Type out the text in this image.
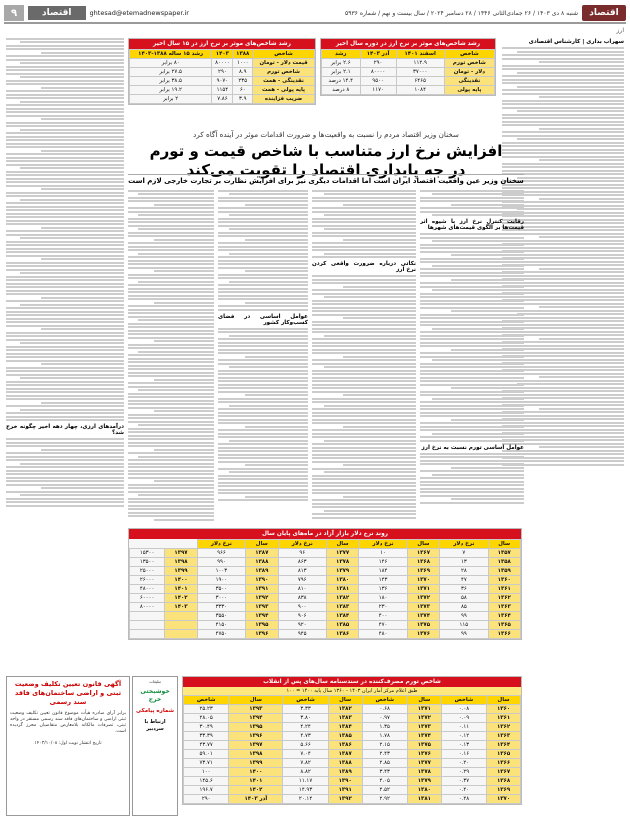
اقتصاد
شنبه ۸ دی ۱۴۰۳ / ۲۶ جمادی‌الثانی ۱۴۴۶ / ۲۸ دسامبر ۲۰۲۴ / سال بیست و نهم / شماره ۵۹۳۶
ghtesad@etemadnewspaper.ir
اقتصاد
۹
ارز
سهراب بداری | کارشناس اقتصادی
درآمدهای ارزی، چهار دهه اخیر چگونه خرج شد؟
رشد شاخص‌های موثر بر نرخ ارز در دوره سال اخیر
شاخص	اسفند ۱۴۰۱	آذر ۱۴۰۳	رشد
شاخص تورم	۱۱۲.۹	۲۹۰	۲.۶ برابر
دلار - تومان	۳۷۰۰۰	۸۰۰۰۰	۲.۱ برابر
نقدینگی	۶۴۶۵	۹۵۰۰	۱۴.۴ درصد
پایه پولی	۱۰۸۴	۱۱۷۰	۸ درصد
رشد شاخص‌های موثر بر نرخ ارز در ۱۵ سال اخیر
شاخص	۱۳۸۸	۱۴۰۳	رشد ۱۵ ساله ۱۳۸۸-۱۴۰۳
قیمت دلار - تومان	۱۰۰۰	۸۰۰۰۰	۸۰ برابر
شاخص تورم	۸.۹	۲۹۰	۲۷.۵ برابر
نقدینگی - همت	۲۳۵	۹۰۷۰	۳۸.۵ برابر
پایه پولی - همت	۶۰	۱۱۵۴	۱۹.۲ برابر
ضریب فزاینده	۳.۹	۷.۸۶	۲ برابر
سخنان وزیر اقتصاد مردم را نسبت به واقعیت‌ها و ضرورت اقدامات موثر در آینده آگاه کرد
افزایش نرخ ارز متناسب با شاخص قیمت و تورم
در جه پایداری اقتصاد را تقویت می‌کند
سخنان وزیر عین واقعیت اقتصاد ایران است اما اقدامات دیگری نیز برای افزایش نظارت بر تجارت خارجی لازم است
رقابت کنترل نرخ ارز با شیوه اثر قیمت‌ها بر الگوی قیمت‌های شهرها
عوامل اساسی تورم نسبت به نرخ ارز
نکاتی درباره ضرورت واقعی کردن نرخ ارز
عوامل اساسی در فضای کسب‌وکار کشور
روند نرخ دلار بازار آزاد در ماه‌های پایان سال
سال	نرخ دلار	سال	نرخ دلار	سال	نرخ دلار	سال	نرخ دلار		
۱۳۵۷	۷	۱۳۶۷	۱۰	۱۳۷۷	۹۶	۱۳۸۷	۹۶۶	۱۳۹۷	۱۵۳۰۰
۱۳۵۸	۱۳	۱۳۶۸	۱۴۶	۱۳۷۸	۸۶۳	۱۳۸۸	۹۹۰	۱۳۹۸	۱۳۵۰۰
۱۳۵۹	۲۸	۱۳۶۹	۱۸۴	۱۳۷۹	۸۱۳	۱۳۸۹	۱۰۰۳	۱۳۹۹	۲۵۰۰۰
۱۳۶۰	۴۷	۱۳۷۰	۱۴۳	۱۳۸۰	۷۹۶	۱۳۹۰	۱۹۰۰	۱۴۰۰	۲۶۰۰۰
۱۳۶۱	۳۶	۱۳۷۱	۱۳۶	۱۳۸۱	۸۱۰	۱۳۹۱	۳۵۰۰	۱۴۰۱	۴۸۰۰۰
۱۳۶۲	۵۸	۱۳۷۲	۱۸۰	۱۳۸۲	۸۳۸	۱۳۹۲	۳۰۰۰	۱۴۰۲	۶۰۰۰۰
۱۳۶۳	۸۵	۱۳۷۳	۲۳۰	۱۳۸۳	۹۰۰	۱۳۹۳	۳۳۳۰	۱۴۰۳	۸۰۰۰۰
۱۳۶۴	۹۹	۱۳۷۴	۴۰۰	۱۳۸۴	۹۰۶	۱۳۹۴	۳۵۵۰		
۱۳۶۵	۱۱۵	۱۳۷۵	۴۷۰	۱۳۸۵	۹۲۰	۱۳۹۵	۴۱۵۰		
۱۳۶۶	۹۹	۱۳۷۶	۴۸۰	۱۳۸۶	۹۴۵	۱۳۹۶	۴۷۵۰		
شاخص تورم مصرف‌کننده در سندسنامه سال‌های پس از انقلاب
طبق اعلام مرکز آمار ایران ۱۴۰۳ - ۱۳۶۰ سال پایه ۱۴۰۰ = ۱۰۰
سال	شاخص	سال	شاخص	سال	شاخص	سال	شاخص
۱۳۶۰	۰.۰۸	۱۳۷۱	۰.۶۸	۱۳۸۲	۳.۳۳	۱۳۹۳	۲۵.۲۳
۱۳۶۱	۰.۰۹	۱۳۷۲	۰.۹۷	۱۳۸۳	۳.۸۰	۱۳۹۴	۲۸.۰۵
۱۳۶۲	۰.۱۱	۱۳۷۳	۱.۳۵	۱۳۸۴	۴.۲۴	۱۳۹۵	۳۰.۴۹
۱۳۶۳	۰.۱۲	۱۳۷۴	۱.۷۸	۱۳۸۵	۴.۷۳	۱۳۹۶	۳۳.۳۹
۱۳۶۴	۰.۱۳	۱۳۷۵	۲.۱۵	۱۳۸۶	۵.۶۶	۱۳۹۷	۴۳.۷۷
۱۳۶۵	۰.۱۶	۱۳۷۶	۲.۴۳	۱۳۸۷	۷.۰۴	۱۳۹۸	۵۹.۰۱
۱۳۶۶	۰.۲۰	۱۳۷۷	۲.۸۵	۱۳۸۸	۷.۸۲	۱۳۹۹	۷۳.۷۱
۱۳۶۷	۰.۲۹	۱۳۷۸	۳.۴۳	۱۳۸۹	۸.۸۲	۱۴۰۰	۱۰۰
۱۳۶۸	۰.۳۷	۱۳۷۹	۴.۰۵	۱۳۹۰	۱۱.۱۷	۱۴۰۱	۱۴۵.۶
۱۳۶۹	۰.۴۰	۱۳۸۰	۴.۵۲	۱۳۹۱	۱۴.۹۳	۱۴۰۲	۱۹۶.۷
۱۳۷۰	۰.۴۸	۱۳۸۱	۲.۹۲	۱۳۹۲	۲۰.۱۴	آذر ۱۴۰۳	۲۹۰
آگهی قانون تعیین تکلیف وضعیت ثبتی و اراضی ساختمان‌های فاقد سند رسمی
برابر آرای صادره هیأت موضوع قانون تعیین تکلیف وضعیت ثبتی اراضی و ساختمان‌های فاقد سند رسمی مستقر در واحد ثبتی، تصرفات مالکانه بلامعارض متقاضیان محرز گردیده است.
تاریخ انتشار نوبت اول: ۱۴۰۳/۱۰/۰۸
تبلیغات
خوشبختی خرج
شماره پیامکی
ارتباط با سردبیر
